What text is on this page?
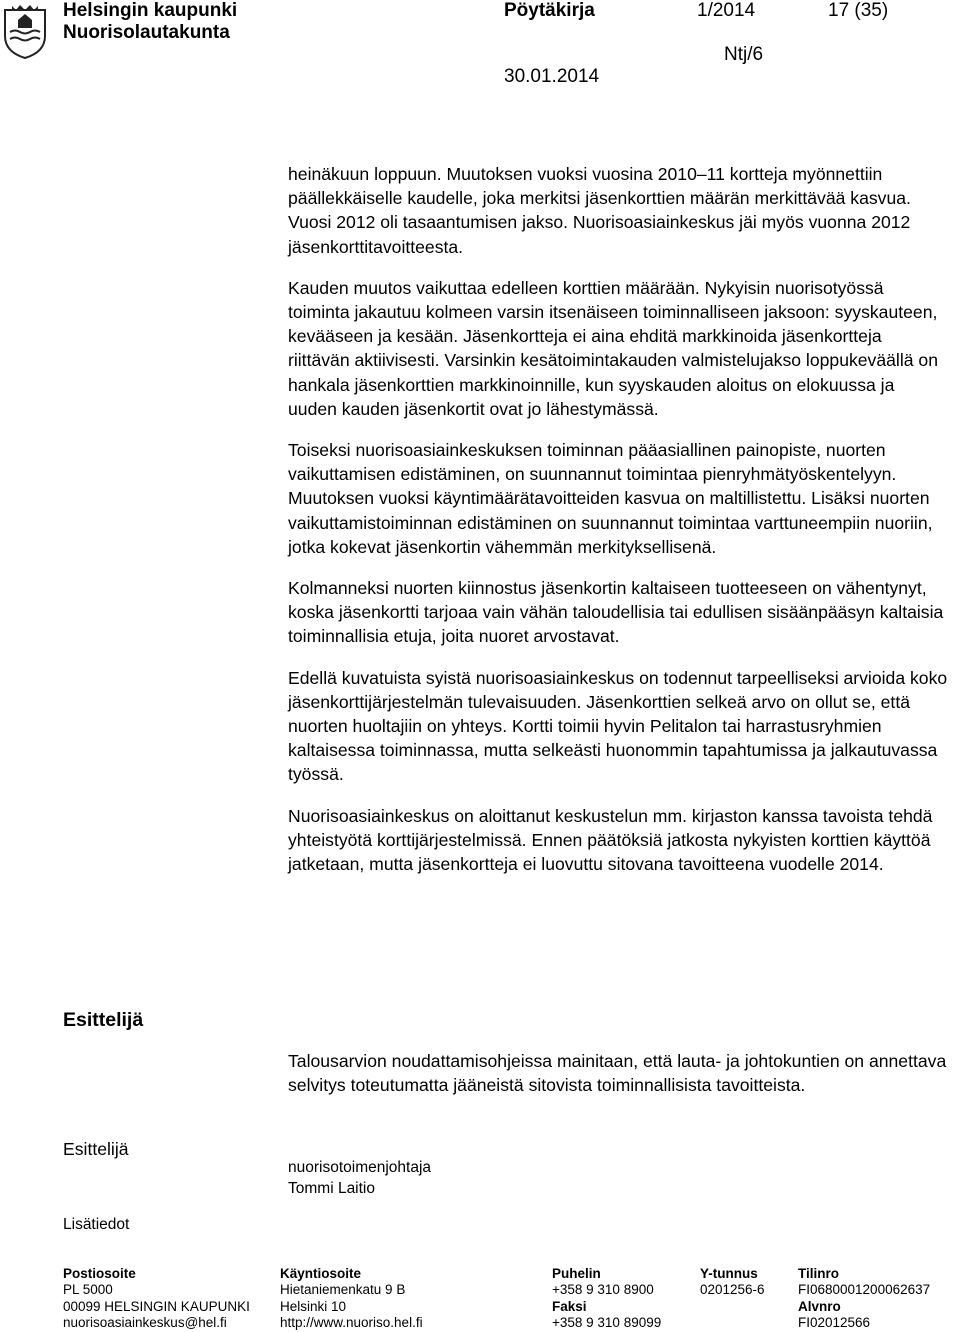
Helsingin kaupunki
Nuorisolautakunta
Pöytäkirja	1/2014	17 (35)
Ntj/6
30.01.2014

heinäkuun loppuun. Muutoksen vuoksi vuosina 2010–11 kortteja myönnettiin päällekkäiselle kaudelle, joka merkitsi jäsenkorttien määrän merkittävää kasvua. Vuosi 2012 oli tasaantumisen jakso. Nuorisoasiainkeskus jäi myös vuonna 2012 jäsenkorttitavoitteesta.

Kauden muutos vaikuttaa edelleen korttien määrään. Nykyisin nuorisotyössä toiminta jakautuu kolmeen varsin itsenäiseen toiminnalliseen jaksoon: syyskauteen, kevääseen ja kesään. Jäsenkortteja ei aina ehditä markkinoida jäsenkortteja riittävän aktiivisesti. Varsinkin kesätoimintakauden valmistelujakso loppukeväällä on hankala jäsenkorttien markkinoinnille, kun syyskauden aloitus on elokuussa ja uuden kauden jäsenkortit ovat jo lähestymässä.

Toiseksi nuorisoasiainkeskuksen toiminnan pääasiallinen painopiste, nuorten vaikuttamisen edistäminen, on suunnannut toimintaa pienryhmätyöskentelyyn. Muutoksen vuoksi käyntimäärätavoitteiden kasvua on maltillistettu. Lisäksi nuorten vaikuttamistoiminnan edistäminen on suunnannut toimintaa varttuneempiin nuoriin, jotka kokevat jäsenkortin vähemmän merkityksellisenä.

Kolmanneksi nuorten kiinnostus jäsenkortin kaltaiseen tuotteeseen on vähentynyt, koska jäsenkortti tarjoaa vain vähän taloudellisia tai edullisen sisäänpääsyn kaltaisia toiminnallisia etuja, joita nuoret arvostavat.

Edellä kuvatuista syistä nuorisoasiainkeskus on todennut tarpeelliseksi arvioida koko jäsenkorttijärjestelmän tulevaisuuden. Jäsenkorttien selkeä arvo on ollut se, että nuorten huoltajiin on yhteys. Kortti toimii hyvin Pelitalon tai harrastusryhmien kaltaisessa toiminnassa, mutta selkeästi huonommin tapahtumissa ja jalkautuvassa työssä.

Nuorisoasiainkeskus on aloittanut keskustelun mm. kirjaston kanssa tavoista tehdä yhteistyötä korttijärjestelmissä. Ennen päätöksiä jatkosta nykyisten korttien käyttöä jatketaan, mutta jäsenkortteja ei luovuttu sitovana tavoitteena vuodelle 2014.

Esittelijä
Talousarvion noudattamisohjeissa mainitaan, että lauta- ja johtokuntien on annettava selvitys toteutumatta jääneistä sitovista toiminnallisista tavoitteista.
Esittelijä
nuorisotoimenjohtaja
Tommi Laitio
Lisätiedot
Postiosoite
PL 5000
00099 HELSINGIN KAUPUNKI
nuorisoasiainkeskus@hel.fi
Käyntiosoite
Hietaniemenkatu 9 B
Helsinki 10
http://www.nuoriso.hel.fi
Puhelin
+358 9 310 8900
Faksi
+358 9 310 89099
Y-tunnus
0201256-6
Tilinro
FI0680001200062637
Alvnro
FI02012566
